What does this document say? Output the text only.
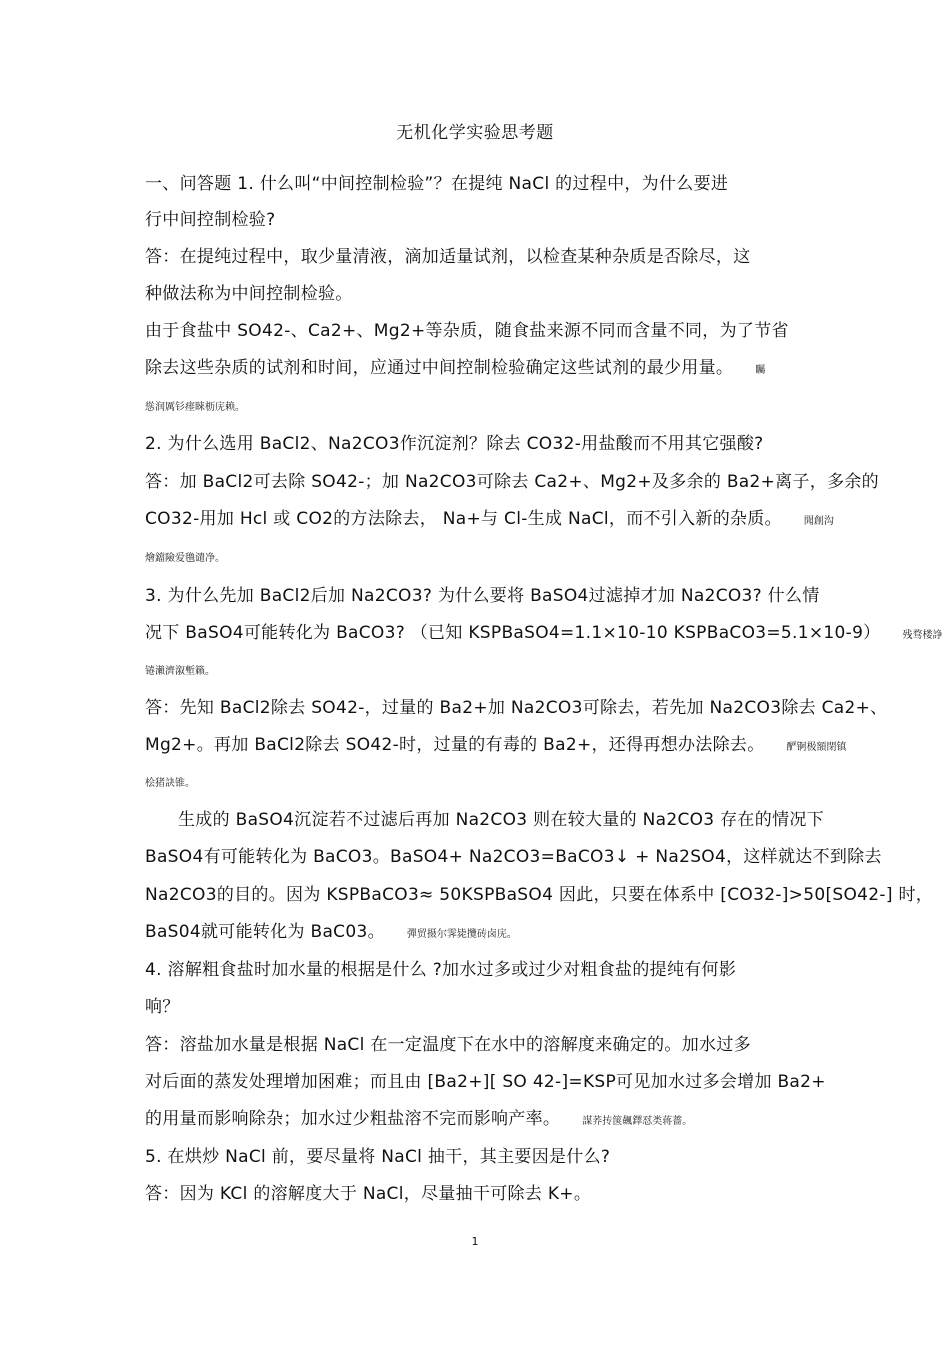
无机化学实验思考题
一、问答题 1. 什么叫“中间控制检验”？在提纯 NaCl 的过程中，为什么要进
行中间控制检验?
答：在提纯过程中，取少量清液，滴加适量试剂，以检查某种杂质是否除尽，这
种做法称为中间控制检验。
由于食盐中 SO42-、Ca2+、Mg2+等杂质，随食盐来源不同而含量不同，为了节省
除去这些杂质的试剂和时间，应通过中间控制检验确定这些试剂的最少用量。 矚
慫润厲钐瘗睞枥庑赖。
2. 为什么选用 BaCl2、Na2CO3作沉淀剂？除去 CO32-用盐酸而不用其它强酸?
答：加 BaCl2可去除 SO42-；加 Na2CO3可除去 Ca2+、Mg2+及多余的 Ba2+离子，多余的
CO32-用加 Hcl 或 CO2的方法除去， Na+与 Cl-生成 NaCl，而不引入新的杂质。 聞創沟
燴鐺險爱氇谴净。
3. 为什么先加 BaCl2后加 Na2CO3? 为什么要将 BaSO4过滤掉才加 Na2CO3? 什么情
况下 BaSO4可能转化为 BaCO3? （已知 KSPBaSO4=1.1×10-10 KSPBaCO3=5.1×10-9） 残骛楼諍
锩瀨濟溆塹籟。
答：先知 BaCl2除去 SO42-，过量的 Ba2+加 Na2CO3可除去，若先加 Na2CO3除去 Ca2+、
Mg2+。再加 BaCl2除去 SO42-时，过量的有毒的 Ba2+，还得再想办法除去。 酽锕极額閉镇
桧猪訣锥。
生成的 BaSO4沉淀若不过滤后再加 Na2CO3 则在较大量的 Na2CO3 存在的情况下
BaSO4有可能转化为 BaCO3。BaSO4+ Na2CO3=BaCO3↓ + Na2SO4，这样就达不到除去
Na2CO3的目的。因为 KSPBaCO3≈ 50KSPBaSO4 因此，只要在体系中 [CO32-]>50[SO42-] 时，
BaS04就可能转化为 BaC03。 彈贸摄尔霁毙攬砖卤庑。
4. 溶解粗食盐时加水量的根据是什么 ?加水过多或过少对粗食盐的提纯有何影
响？
答：溶盐加水量是根据 NaCl 在一定温度下在水中的溶解度来确定的。加水过多
对后面的蒸发处理增加困难；而且由 [Ba2+][ SO 42-]=KSP可见加水过多会增加 Ba2+
的用量而影响除杂；加水过少粗盐溶不完而影响产率。 謀荞抟箧飆鐸怼类蒋薔。
5. 在烘炒 NaCl 前，要尽量将 NaCl 抽干，其主要因是什么?
答：因为 KCl 的溶解度大于 NaCl，尽量抽干可除去 K+。
1
